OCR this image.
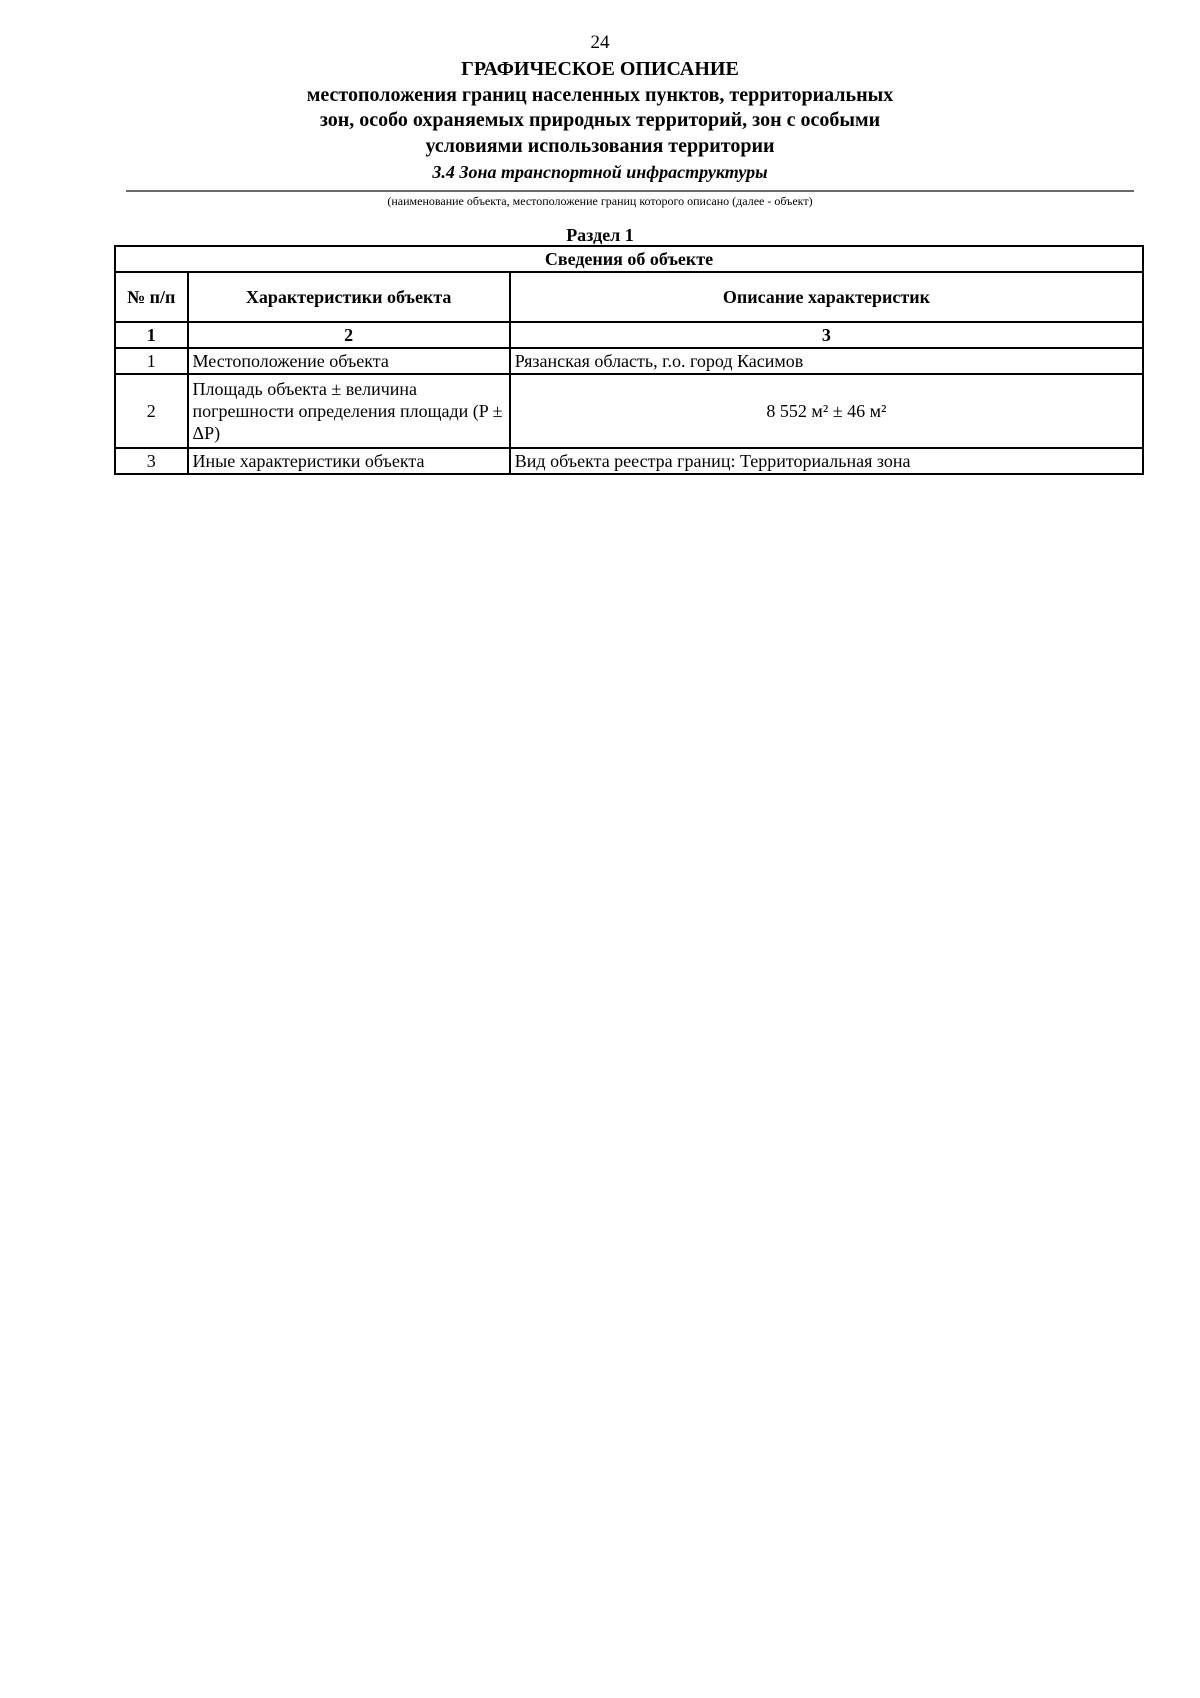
24
ГРАФИЧЕСКОЕ ОПИСАНИЕ
местоположения границ населенных пунктов, территориальных
зон, особо охраняемых природных территорий, зон с особыми
условиями использования территории
3.4 Зона транспортной инфраструктуры
(наименование объекта, местоположение границ которого описано (далее - объект)
Раздел 1
Сведения об объекте		
№ п/п	Характеристики объекта	Описание характеристик
1	2	3
1	Местоположение объекта	Рязанская область, г.о. город Касимов
2	Площадь объекта ± величина погрешности определения площади (P ± ΔP)	8 552 м² ± 46 м²
3	Иные характеристики объекта	Вид объекта реестра границ: Территориальная зона
